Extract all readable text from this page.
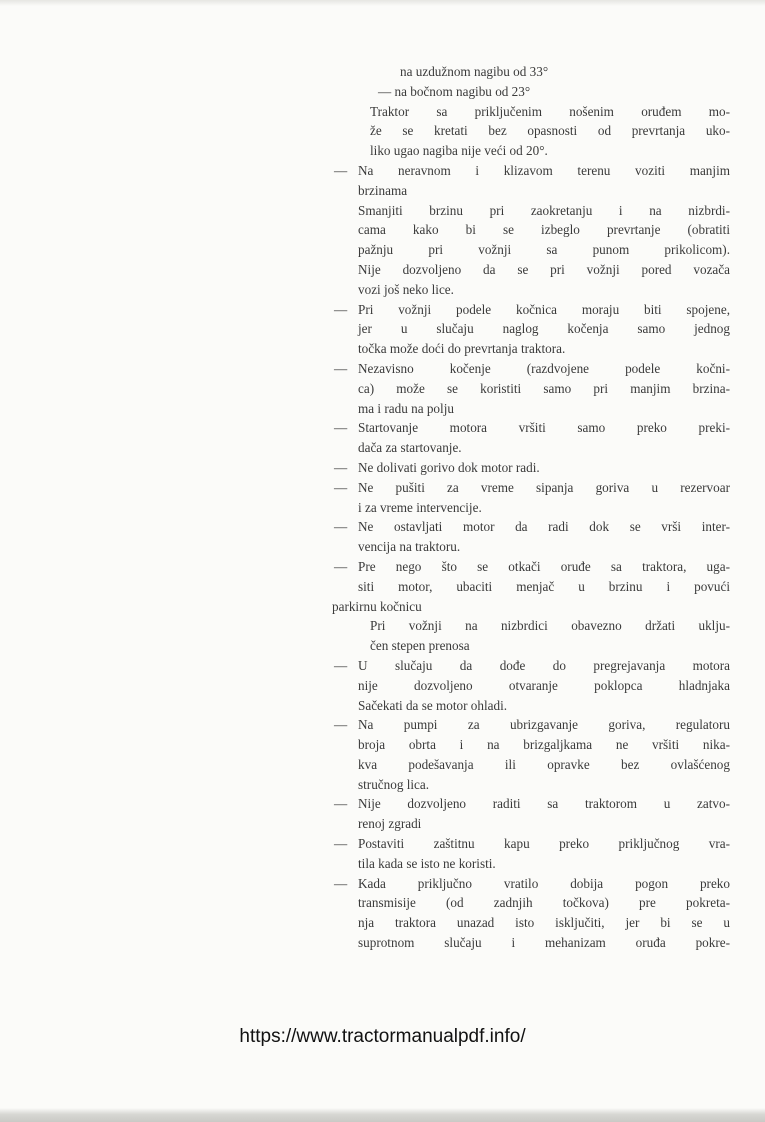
na uzdužnom nagibu od 33°
— na bočnom nagibu od 23°
Traktor sa priključenim nošenim oruđem mo-
že se kretati bez opasnosti od prevrtanja uko-
liko ugao nagiba nije veći od 20°.
— Na neravnom i klizavom terenu voziti manjim
brzinama
Smanjiti brzinu pri zaokretanju i na nizbrdi-
cama kako bi se izbeglo prevrtanje (obratiti
pažnju pri vožnji sa punom prikolicom).
Nije dozvoljeno da se pri vožnji pored vozača
vozi još neko lice.
— Pri vožnji podele kočnica moraju biti spojene,
jer u slučaju naglog kočenja samo jednog
točka može doći do prevrtanja traktora.
— Nezavisno kočenje (razdvojene podele kočni-
ca) može se koristiti samo pri manjim brzina-
ma i radu na polju
— Startovanje motora vršiti samo preko preki-
dača za startovanje.
— Ne dolivati gorivo dok motor radi.
— Ne pušiti za vreme sipanja goriva u rezervoar
i za vreme intervencije.
— Ne ostavljati motor da radi dok se vrši inter-
vencija na traktoru.
— Pre nego što se otkači oruđe sa traktora, uga-
siti motor, ubaciti menjač u brzinu i povući
parkirnu kočnicu
Pri vožnji na nizbrdici obavezno držati uklju-
čen stepen prenosa
— U slučaju da dođe do pregrejavanja motora
nije dozvoljeno otvaranje poklopca hladnjaka
Sačekati da se motor ohladi.
— Na pumpi za ubrizgavanje goriva, regulatoru
broja obrta i na brizgaljkama ne vršiti nika-
kva podešavanja ili opravke bez ovlašćenog
stručnog lica.
— Nije dozvoljeno raditi sa traktorom u zatvo-
renoj zgradi
— Postaviti zaštitnu kapu preko priključnog vra-
tila kada se isto ne koristi.
— Kada priključno vratilo dobija pogon preko
transmisije (od zadnjih točkova) pre pokreta-
nja traktora unazad isto isključiti, jer bi se u
suprotnom slučaju i mehanizam oruđa pokre-
https://www.tractormanualpdf.info/
